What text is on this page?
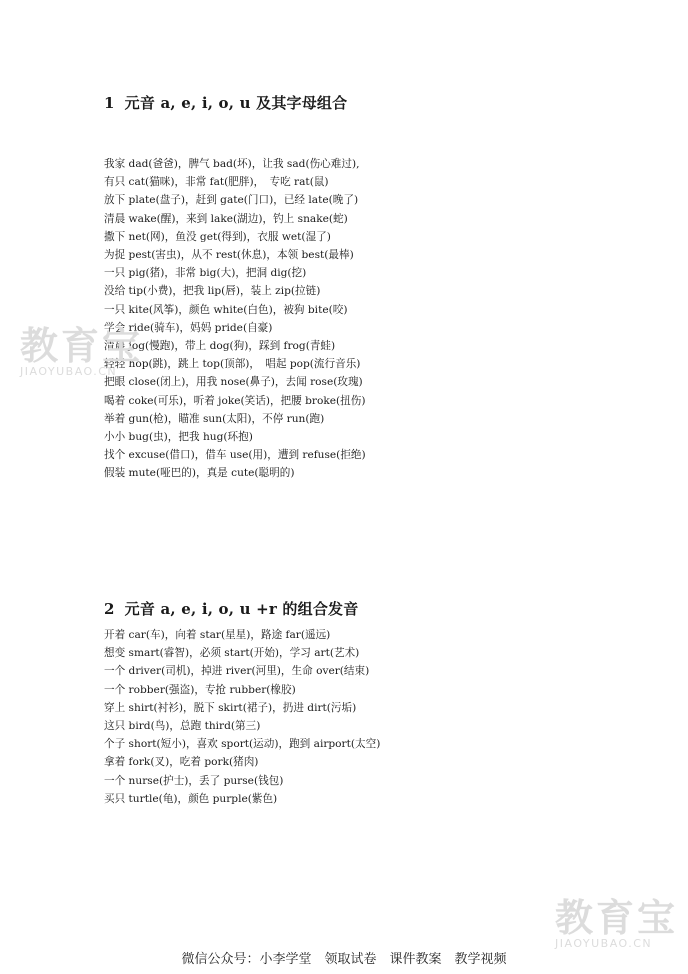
1 元音 a, e, i, o, u 及其字母组合
我家 dad(爸爸)，脾气 bad(坏)，让我 sad(伤心难过),
有只 cat(猫咪)，非常 fat(肥胖)，　专吃 rat(鼠)
放下 plate(盘子)，赶到 gate(门口)，已经 late(晚了)
清晨 wake(醒)，来到 lake(湖边)，钓上 snake(蛇)
撒下 net(网)，鱼没 get(得到)，衣服 wet(湿了)
为捉 pest(害虫)，从不 rest(休息)，本领 best(最棒)
一只 pig(猪)，非常 big(大)，把洞 dig(挖)
没给 tip(小费)，把我 lip(唇)，装上 zip(拉链)
一只 kite(风筝)，颜色 white(白色)，被狗 bite(咬)
学会 ride(骑车)，妈妈 pride(自豪)
清晨 jog(慢跑)，带上 dog(狗)，踩到 frog(青蛙)
轻轻 hop(跳)，跳上 top(顶部)，　唱起 pop(流行音乐)
把眼 close(闭上)，用我 nose(鼻子)，去闻 rose(玫瑰)
喝着 coke(可乐)，听着 joke(笑话)，把腰 broke(扭伤)
举着 gun(枪)，瞄准 sun(太阳)，不停 run(跑)
小小 bug(虫)，把我 hug(环抱)
找个 excuse(借口)，借车 use(用)，遭到 refuse(拒绝)
假装 mute(哑巴的)，真是 cute(聪明的)
2 元音 a, e, i, o, u +r 的组合发音
开着 car(车)，向着 star(星星)，路途 far(遥远)
想变 smart(睿智)，必须 start(开始)，学习 art(艺术)
一个 driver(司机)，掉进 river(河里)，生命 over(结束)
一个 robber(强盗)，专抢 rubber(橡胶)
穿上 shirt(衬衫)，脱下 skirt(裙子)，扔进 dirt(污垢)
这只 bird(鸟)，总跑 third(第三)
个子 short(短小)，喜欢 sport(运动)，跑到 airport(太空)
拿着 fork(叉)，吃着 pork(猪肉)
一个 nurse(护士)，丢了 purse(钱包)
买只 turtle(龟)，颜色 purple(紫色)
教育宝
JIAOYUBAO.CN
教育宝
JIAOYUBAO.CN
微信公众号：小李学堂　领取试卷　课件教案　教学视频
